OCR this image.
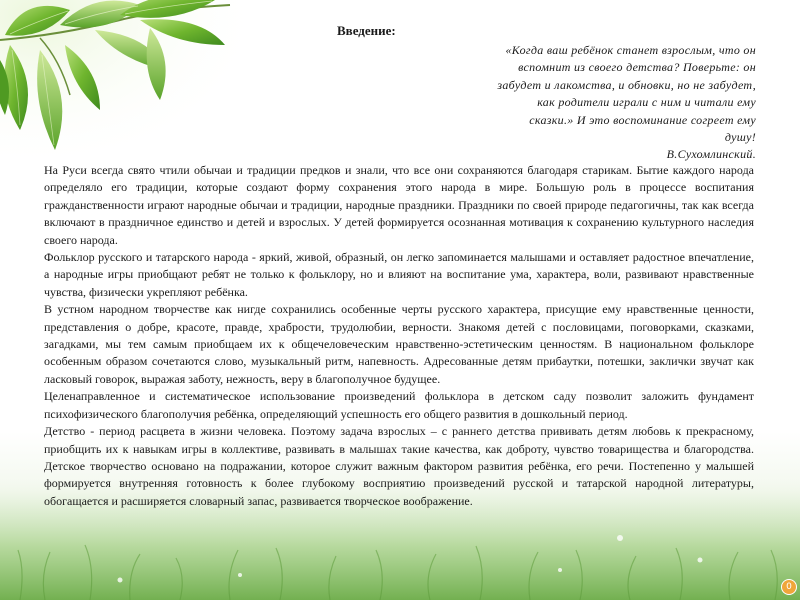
Введение:
«Когда ваш ребёнок станет взрослым, что он вспомнит из своего детства? Поверьте: он забудет и лакомства, и обновки, но не забудет, как родители играли с ним и читали ему сказки.» И это воспоминание согреет ему душу!
В.Сухомлинский.

На Руси всегда свято чтили обычаи и традиции предков и знали, что все они сохраняются благодаря старикам. Бытие каждого народа определяло его традиции, которые создают форму сохранения этого народа в мире. Большую роль в процессе воспитания гражданственности играют народные обычаи и традиции, народные праздники. Праздники по своей природе педагогичны, так как всегда включают в праздничное единство и детей и взрослых. У детей формируется осознанная мотивация к сохранению культурного наследия своего народа.

Фольклор русского и татарского народа - яркий, живой, образный, он легко запоминается малышами и оставляет радостное впечатление, а народные игры приобщают ребят не только к фольклору, но и влияют на воспитание ума, характера, воли, развивают нравственные чувства, физически укрепляют ребёнка.

В устном народном творчестве как нигде сохранились особенные черты русского характера, присущие ему нравственные ценности, представления о добре, красоте, правде, храбрости, трудолюбии, верности. Знакомя детей с пословицами, поговорками, сказками, загадками, мы тем самым приобщаем их к общечеловеческим нравственно-эстетическим ценностям. В национальном фольклоре особенным образом сочетаются слово, музыкальный ритм, напевность. Адресованные детям прибаутки, потешки, заклички звучат как ласковый говорок, выражая заботу, нежность, веру в благополучное будущее.

Целенаправленное и систематическое использование произведений фольклора в детском саду позволит заложить фундамент психофизического благополучия ребёнка, определяющий успешность его общего развития в дошкольный период.

Детство - период расцвета в жизни человека. Поэтому задача взрослых – с раннего детства прививать детям любовь к прекрасному, приобщить их к навыкам игры в коллективе, развивать в малышах такие качества, как доброту, чувство товарищества и благородства. Детское творчество основано на подражании, которое служит важным фактором развития ребёнка, его речи. Постепенно у малышей формируется внутренняя готовность к более глубокому восприятию произведений русской и татарской народной литературы, обогащается и расширяется словарный запас, развивается творческое воображение.

0
